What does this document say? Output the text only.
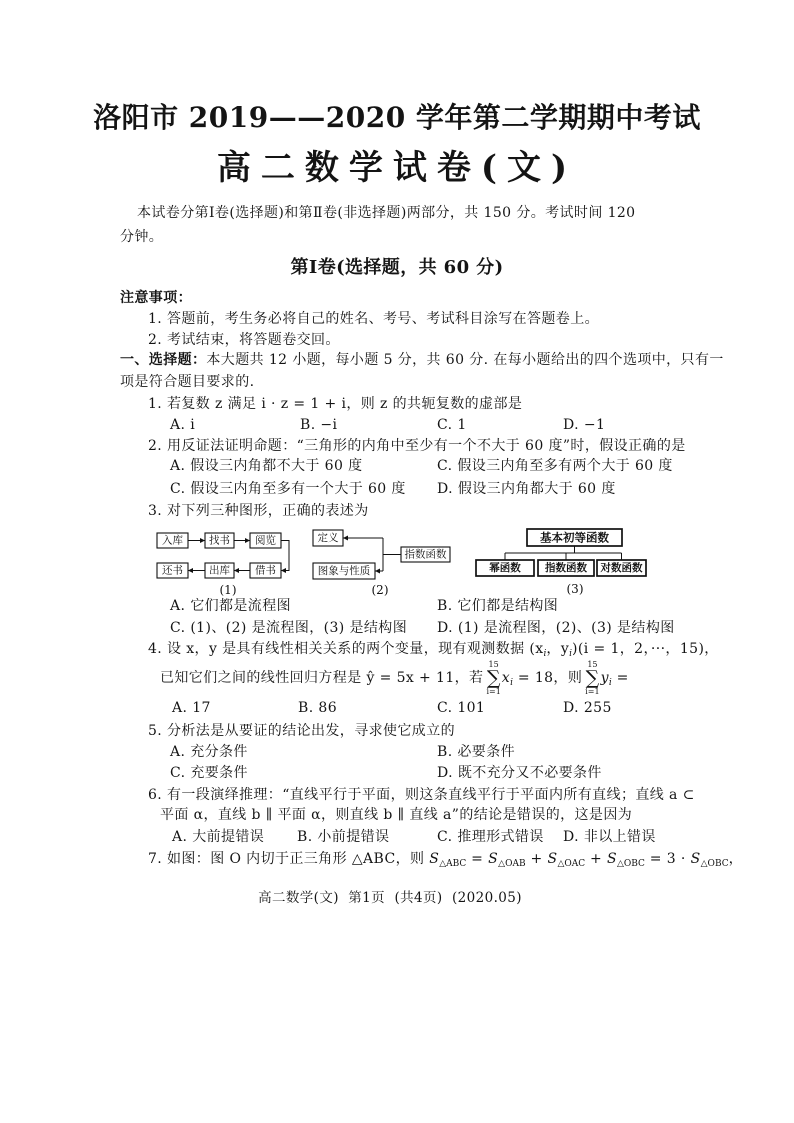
洛阳市 2019——2020 学年第二学期期中考试
高二数学试卷(文)
本试卷分第Ⅰ卷(选择题)和第Ⅱ卷(非选择题)两部分，共 150 分。考试时间 120
分钟。
第Ⅰ卷(选择题，共 60 分)
注意事项：
1. 答题前，考生务必将自己的姓名、考号、考试科目涂写在答题卷上。
2. 考试结束，将答题卷交回。
一、选择题：本大题共 12 小题，每小题 5 分，共 60 分. 在每小题给出的四个选项中，只有一
项是符合题目要求的.
1. 若复数 z 满足 i · z = 1 + i，则 z 的共轭复数的虚部是
A. i	B. −i	C. 1	D. −1
2. 用反证法证明命题：“三角形的内角中至少有一个不大于 60 度”时，假设正确的是
A. 假设三内角都不大于 60 度	C. 假设三内角至多有两个大于 60 度
C. 假设三内角至多有一个大于 60 度 D. 假设三内角都大于 60 度
3. 对下列三种图形，正确的表述为
入库 找书 阅览
还书 出库 借书
(1)
定义
图象与性质
指数函数
(2)
基本初等函数
幂函数 指数函数 对数函数
(3)
A. 它们都是流程图	B. 它们都是结构图
C. (1)、(2) 是流程图，(3) 是结构图 D. (1) 是流程图，(2)、(3) 是结构图
4. 设 x，y 是具有线性相关关系的两个变量，现有观测数据 ($x_i$，$y_i)(i = 1$，2，···，15)，
已知它们之间的线性回归方程是 ŷ = 5x + 11，若
15
∑
i=1
$x_i = 18$，则
15
∑
i=1
$y_i$ =
A. 17	B. 86	C. 101	D. 255
5. 分析法是从要证的结论出发，寻求使它成立的
A. 充分条件	B. 必要条件
C. 充要条件	D. 既不充分又不必要条件
6. 有一段演绎推理：“直线平行于平面，则这条直线平行于平面内所有直线；直线 a ⊂
平面 α，直线 b ∥ 平面 α，则直线 b ∥ 直线 a”的结论是错误的，这是因为
A. 大前提错误 B. 小前提错误	C. 推理形式错误 D. 非以上错误
7. 如图：图 O 内切于正三角形 △ABC，则 $S_{\triangle ABC} = S_{\triangle OAB} + S_{\triangle OAC} + S_{\triangle OBC} = 3 \cdot S_{\triangle OBC}$，
高二数学(文)  第1页  (共4页)  (2020.05)
